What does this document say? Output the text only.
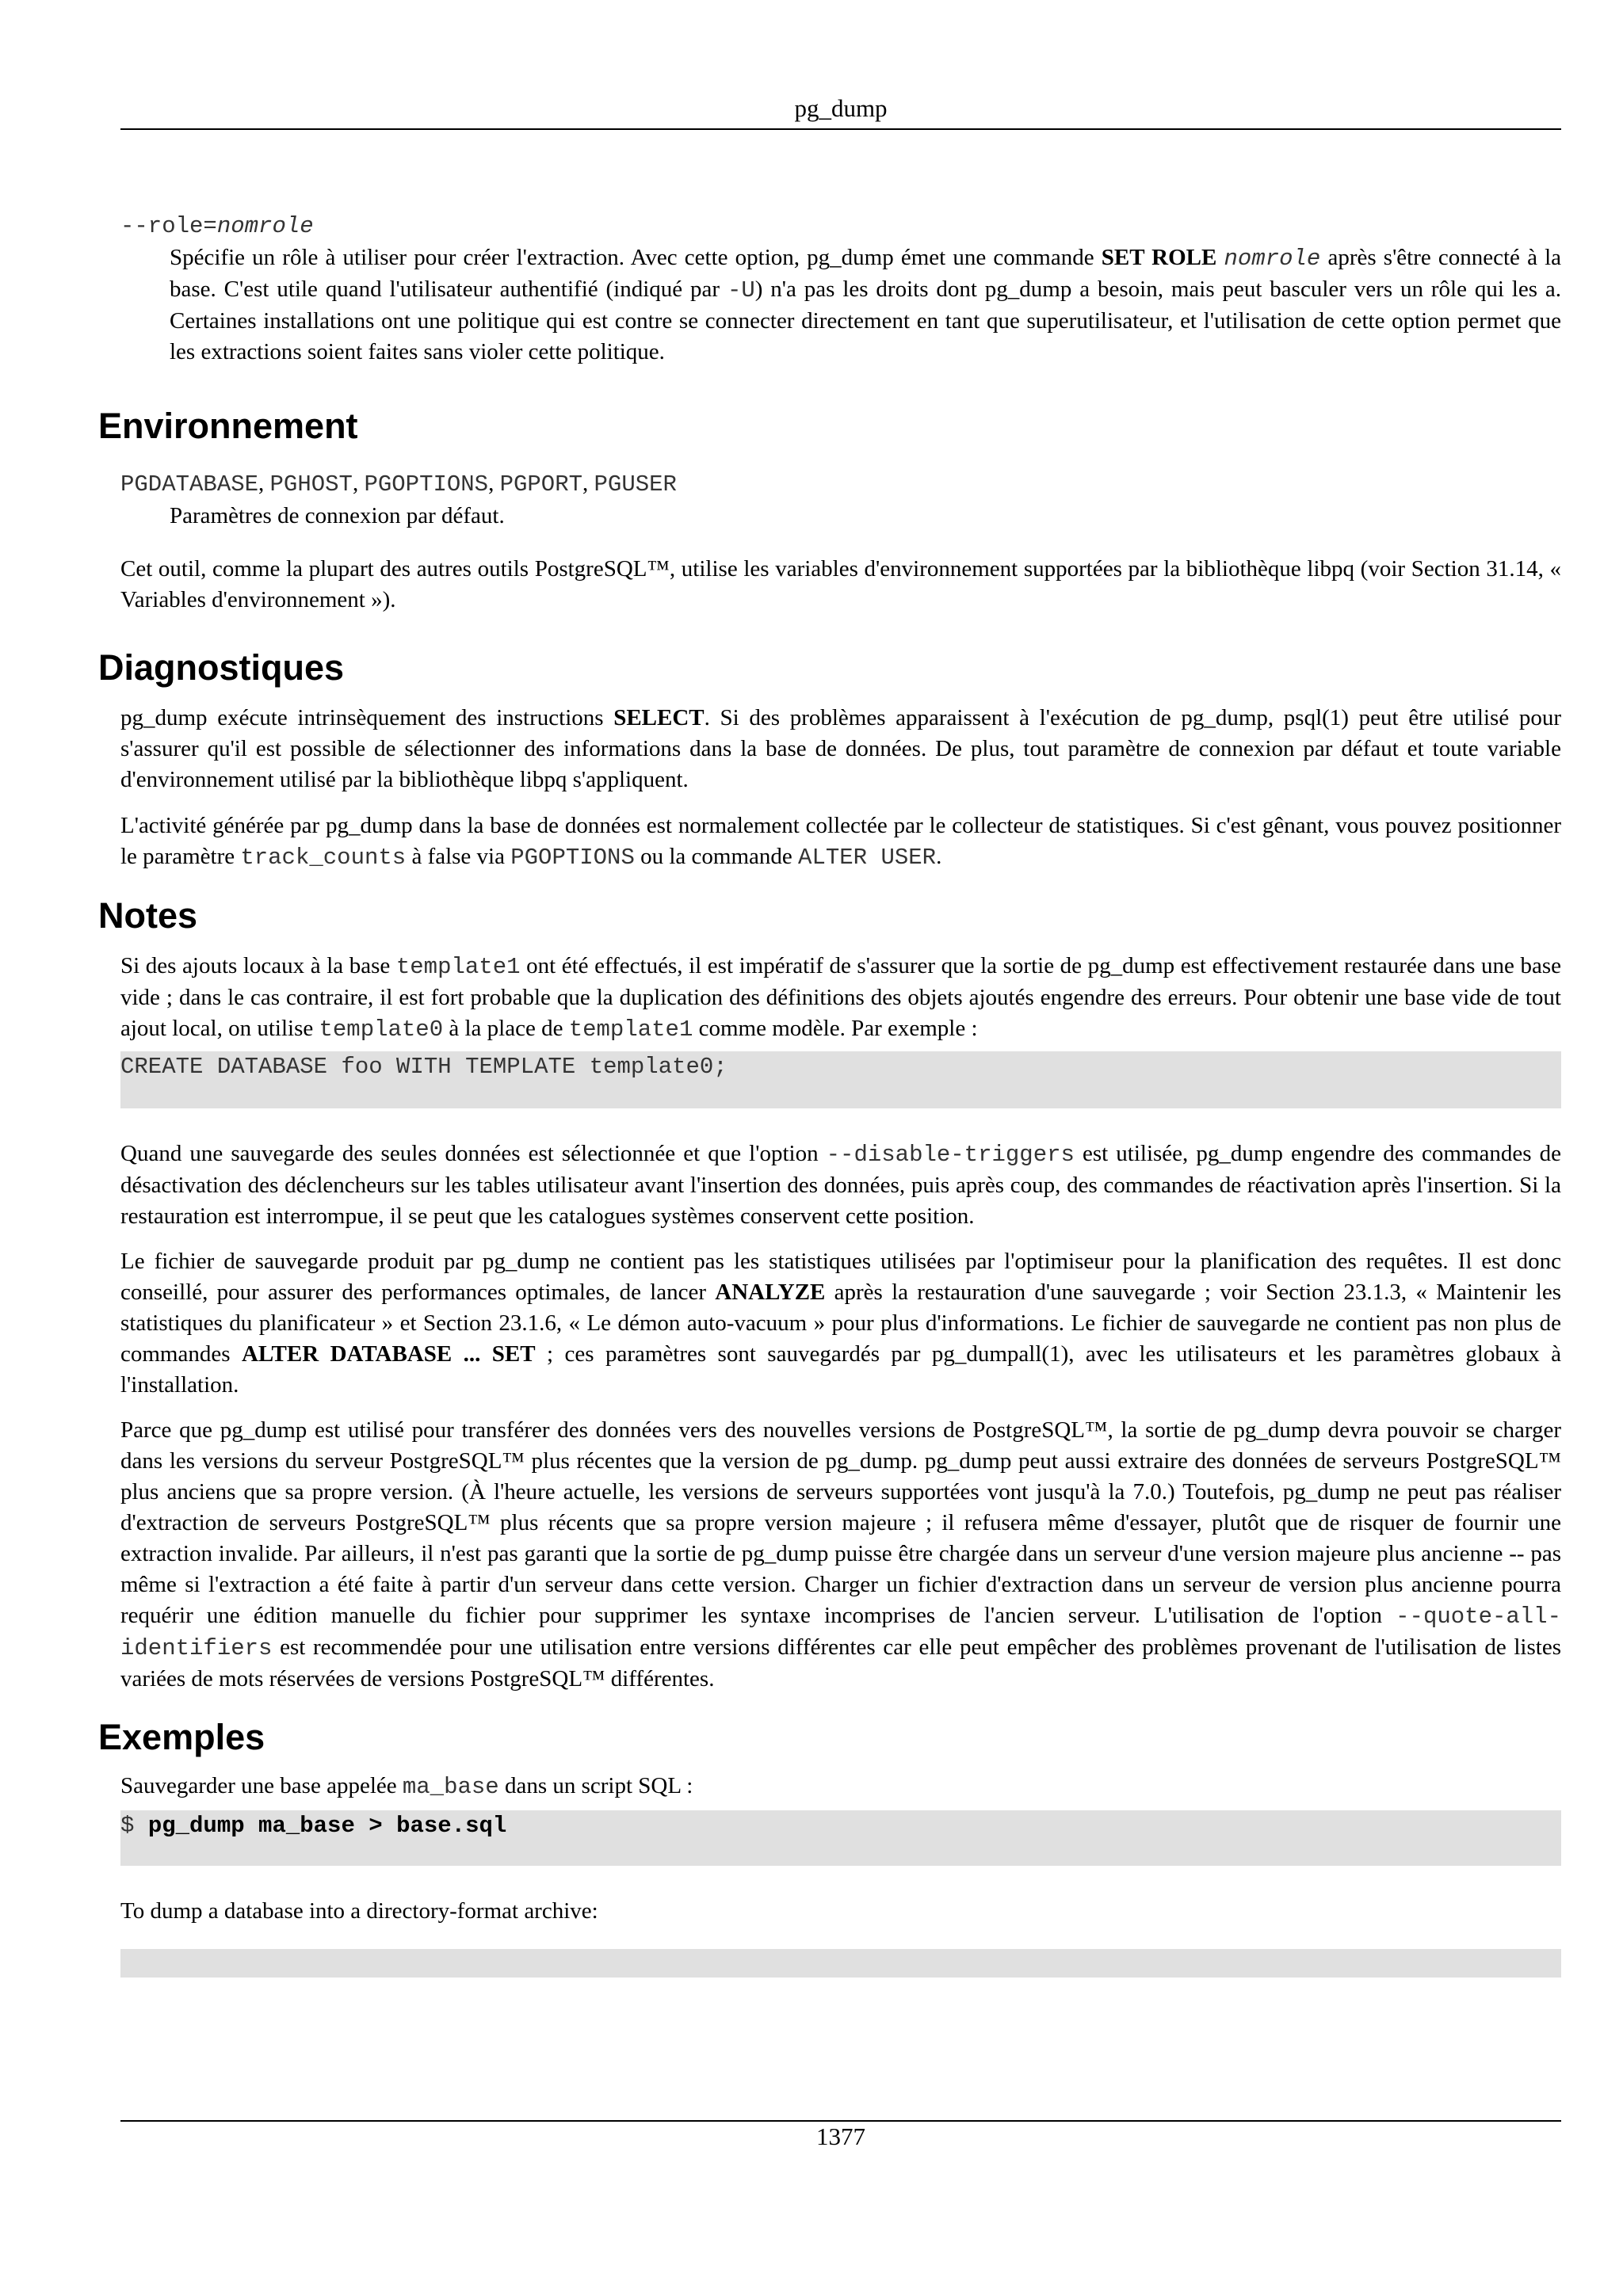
pg_dump
--role=nomrole
Spécifie un rôle à utiliser pour créer l'extraction. Avec cette option, pg_dump émet une commande SET ROLE nomrole après s'être connecté à la base. C'est utile quand l'utilisateur authentifié (indiqué par -U) n'a pas les droits dont pg_dump a besoin, mais peut basculer vers un rôle qui les a. Certaines installations ont une politique qui est contre se connecter directement en tant que superutilisateur, et l'utilisation de cette option permet que les extractions soient faites sans violer cette politique.
Environnement
PGDATABASE, PGHOST, PGOPTIONS, PGPORT, PGUSER
Paramètres de connexion par défaut.

Cet outil, comme la plupart des autres outils PostgreSQL™, utilise les variables d'environnement supportées par la bibliothèque libpq (voir Section 31.14, « Variables d'environnement »).

Diagnostiques

pg_dump exécute intrinsèquement des instructions SELECT. Si des problèmes apparaissent à l'exécution de pg_dump, psql(1) peut être utilisé pour s'assurer qu'il est possible de sélectionner des informations dans la base de données. De plus, tout paramètre de connexion par défaut et toute variable d'environnement utilisé par la bibliothèque libpq s'appliquent.

L'activité générée par pg_dump dans la base de données est normalement collectée par le collecteur de statistiques. Si c'est gênant, vous pouvez positionner le paramètre track_counts à false via PGOPTIONS ou la commande ALTER USER.

Notes

Si des ajouts locaux à la base template1 ont été effectués, il est impératif de s'assurer que la sortie de pg_dump est effectivement restaurée dans une base vide ; dans le cas contraire, il est fort probable que la duplication des définitions des objets ajoutés engendre des erreurs. Pour obtenir une base vide de tout ajout local, on utilise template0 à la place de template1 comme modèle. Par exemple :

CREATE DATABASE foo WITH TEMPLATE template0;

Quand une sauvegarde des seules données est sélectionnée et que l'option --disable-triggers est utilisée, pg_dump engendre des commandes de désactivation des déclencheurs sur les tables utilisateur avant l'insertion des données, puis après coup, des commandes de réactivation après l'insertion. Si la restauration est interrompue, il se peut que les catalogues systèmes conservent cette position.

Le fichier de sauvegarde produit par pg_dump ne contient pas les statistiques utilisées par l'optimiseur pour la planification des requêtes. Il est donc conseillé, pour assurer des performances optimales, de lancer ANALYZE après la restauration d'une sauvegarde ; voir Section 23.1.3, « Maintenir les statistiques du planificateur » et Section 23.1.6, « Le démon auto-vacuum » pour plus d'informations. Le fichier de sauvegarde ne contient pas non plus de commandes ALTER DATABASE ... SET ; ces paramètres sont sauvegardés par pg_dumpall(1), avec les utilisateurs et les paramètres globaux à l'installation.

Parce que pg_dump est utilisé pour transférer des données vers des nouvelles versions de PostgreSQL™, la sortie de pg_dump devra pouvoir se charger dans les versions du serveur PostgreSQL™ plus récentes que la version de pg_dump. pg_dump peut aussi extraire des données de serveurs PostgreSQL™ plus anciens que sa propre version. (À l'heure actuelle, les versions de serveurs supportées vont jusqu'à la 7.0.) Toutefois, pg_dump ne peut pas réaliser d'extraction de serveurs PostgreSQL™ plus récents que sa propre version majeure ; il refusera même d'essayer, plutôt que de risquer de fournir une extraction invalide. Par ailleurs, il n'est pas garanti que la sortie de pg_dump puisse être chargée dans un serveur d'une version majeure plus ancienne -- pas même si l'extraction a été faite à partir d'un serveur dans cette version. Charger un fichier d'extraction dans un serveur de version plus ancienne pourra requérir une édition manuelle du fichier pour supprimer les syntaxe incomprises de l'ancien serveur. L'utilisation de l'option --quote-all-identifiers est recommendée pour une utilisation entre versions différentes car elle peut empêcher des problèmes provenant de l'utilisation de listes variées de mots réservées de versions PostgreSQL™ différentes.

Exemples

Sauvegarder une base appelée ma_base dans un script SQL :

$ pg_dump ma_base > base.sql

To dump a database into a directory-format archive:

1377
